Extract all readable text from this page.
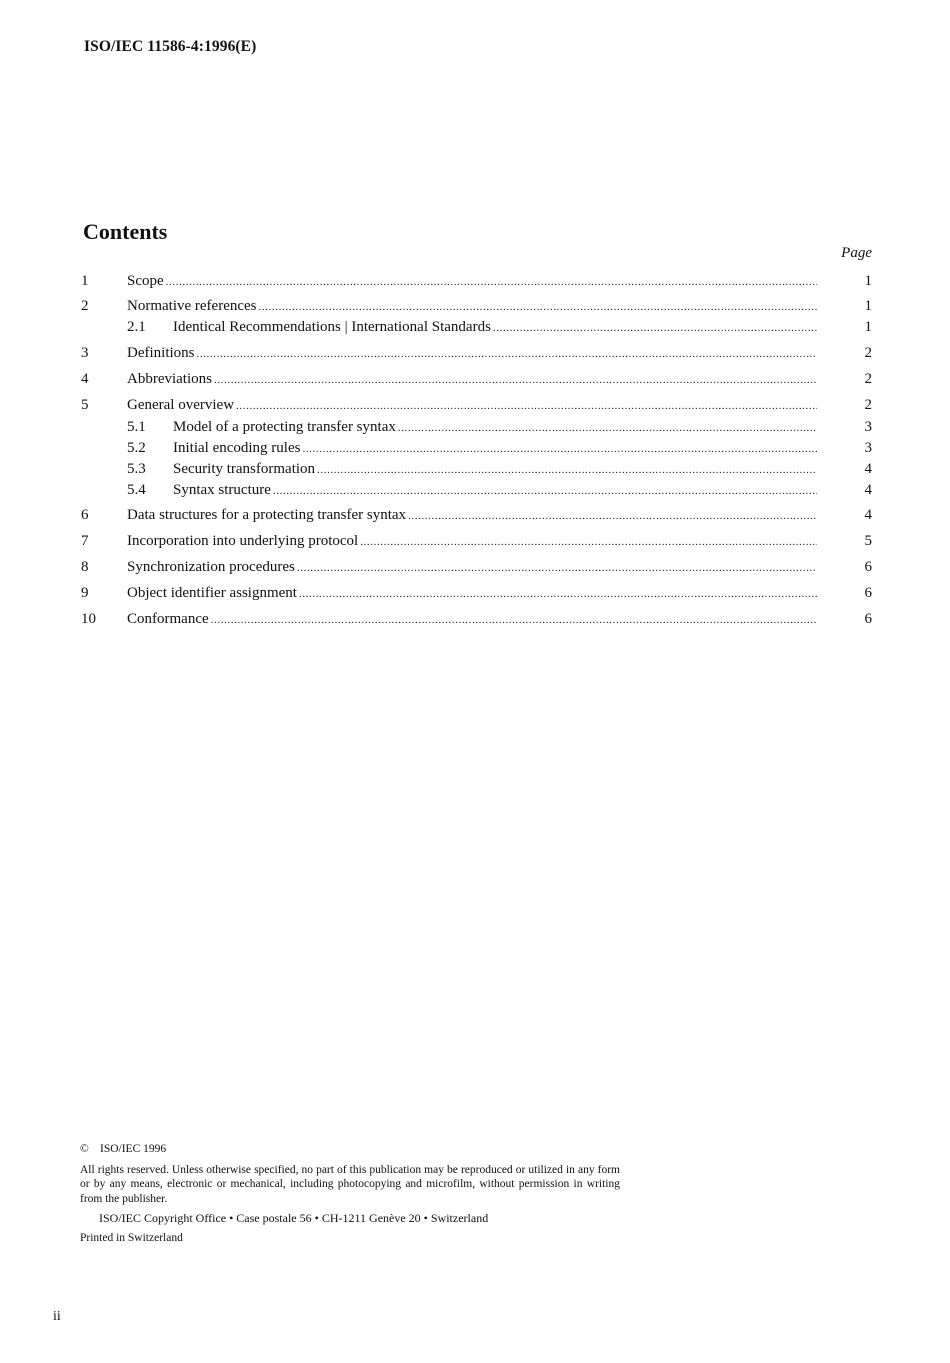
ISO/IEC 11586-4:1996(E)
Contents
Page
1	Scope .....	1
2	Normative references .....	1
2.1 Identical Recommendations | International Standards .....	1
3	Definitions .....	2
4	Abbreviations .....	2
5	General overview .....	2
5.1 Model of a protecting transfer syntax .....	3
5.2 Initial encoding rules .....	3
5.3 Security transformation .....	4
5.4 Syntax structure .....	4
6	Data structures for a protecting transfer syntax .....	4
7	Incorporation into underlying protocol .....	5
8	Synchronization procedures .....	6
9	Object identifier assignment .....	6
10 Conformance .....	6
© ISO/IEC 1996
All rights reserved. Unless otherwise specified, no part of this publication may be reproduced or utilized in any form or by any means, electronic or mechanical, including photocopying and microfilm, without permission in writing from the publisher.
ISO/IEC Copyright Office • Case postale 56 • CH-1211 Genève 20 • Switzerland
Printed in Switzerland
ii
